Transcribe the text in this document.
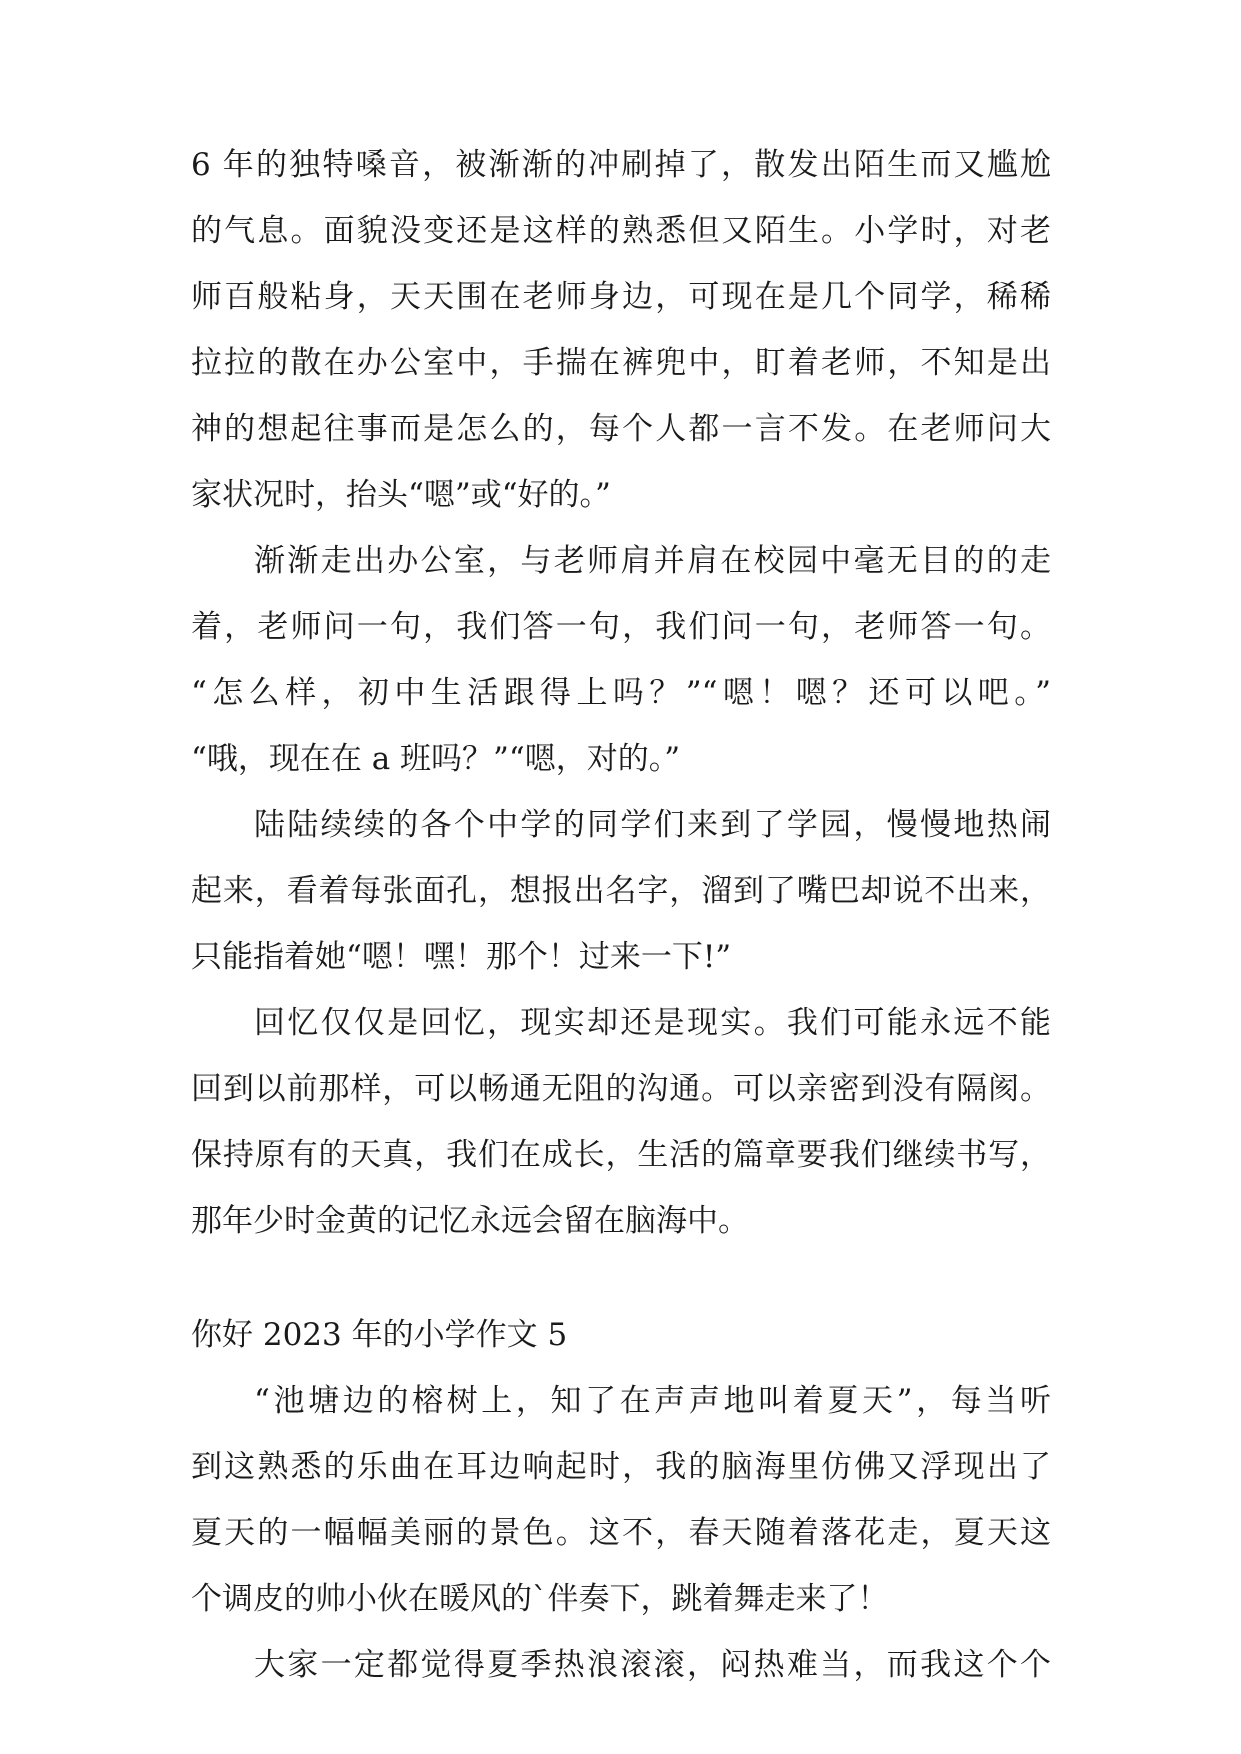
6 年的独特嗓音，被渐渐的冲刷掉了，散发出陌生而又尴尬
的气息。面貌没变还是这样的熟悉但又陌生。小学时，对老
师百般粘身，天天围在老师身边，可现在是几个同学，稀稀
拉拉的散在办公室中，手揣在裤兜中，盯着老师，不知是出
神的想起往事而是怎么的，每个人都一言不发。在老师问大
家状况时，抬头“嗯”或“好的。”
渐渐走出办公室，与老师肩并肩在校园中毫无目的的走
着，老师问一句，我们答一句，我们问一句，老师答一句。
“怎么样，初中生活跟得上吗？”“嗯！嗯？还可以吧。”
“哦，现在在 a 班吗？”“嗯，对的。”
陆陆续续的各个中学的同学们来到了学园，慢慢地热闹
起来，看着每张面孔，想报出名字，溜到了嘴巴却说不出来，
只能指着她“嗯！嘿！那个！过来一下!”
回忆仅仅是回忆，现实却还是现实。我们可能永远不能
回到以前那样，可以畅通无阻的沟通。可以亲密到没有隔阂。
保持原有的天真，我们在成长，生活的篇章要我们继续书写，
那年少时金黄的记忆永远会留在脑海中。
你好 2023 年的小学作文 5
“池塘边的榕树上，知了在声声地叫着夏天”，每当听
到这熟悉的乐曲在耳边响起时，我的脑海里仿佛又浮现出了
夏天的一幅幅美丽的景色。这不，春天随着落花走，夏天这
个调皮的帅小伙在暖风的`伴奏下，跳着舞走来了！
大家一定都觉得夏季热浪滚滚，闷热难当，而我这个个
